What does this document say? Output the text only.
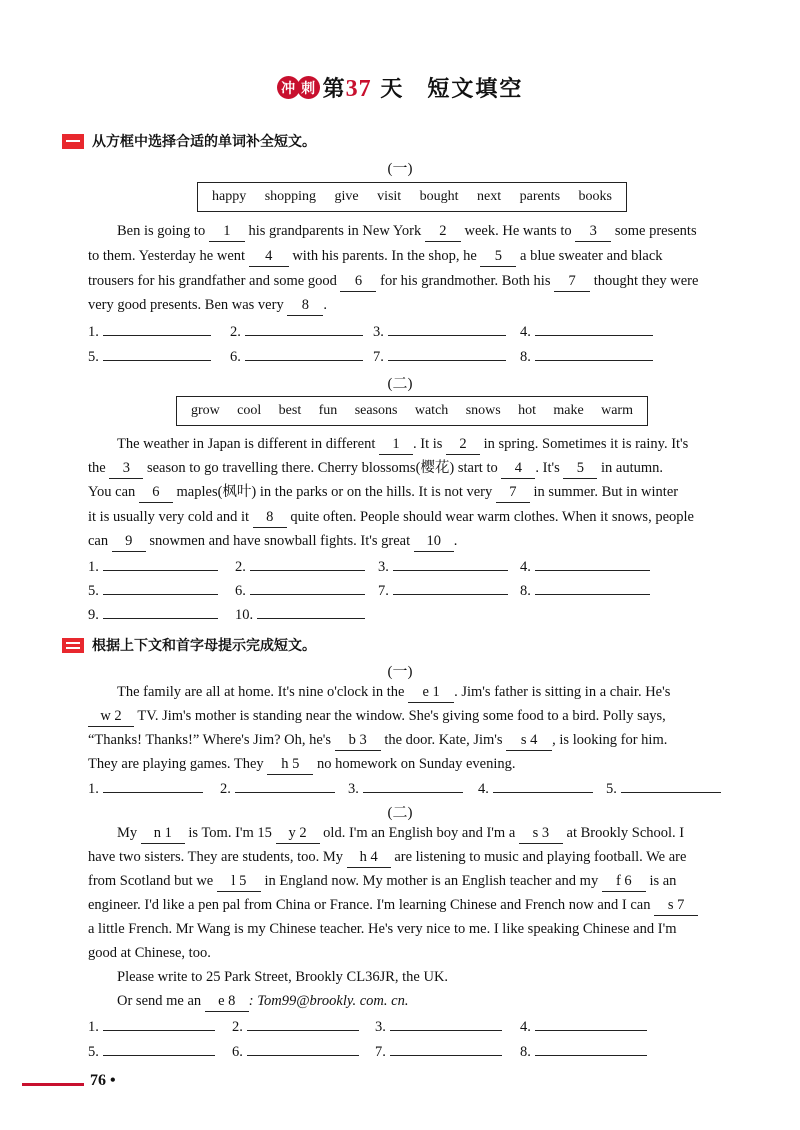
冲 刺 第37 天 短文填空
从方框中选择合适的单词补全短文。
(一)
happy shopping give visit bought next parents books
Ben is going to 1 his grandparents in New York 2 week. He wants to 3 some presents
to them. Yesterday he went 4 with his parents. In the shop, he 5 a blue sweater and black
trousers for his grandfather and some good 6 for his grandmother. Both his 7 thought they were
very good presents. Ben was very 8 .
1.	2.	3.	4.
5.	6.	7.	8.
(二)
grow cool best fun seasons watch snows hot make warm
The weather in Japan is different in different 1 . It is 2 in spring. Sometimes it is rainy. It's
the 3 season to go travelling there. Cherry blossoms(樱花) start to 4 . It's 5 in autumn.
You can 6 maples(枫叶) in the parks or on the hills. It is not very 7 in summer. But in winter
it is usually very cold and it 8 quite often. People should wear warm clothes. When it snows, people
can 9 snowmen and have snowball fights. It's great 10 .
1.	2.	3.	4.
5.	6.	7.	8.
9.	10.
根据上下文和首字母提示完成短文。
(一)
The family are all at home. It's nine o'clock in the e 1 . Jim's father is sitting in a chair. He's
w 2 TV. Jim's mother is standing near the window. She's giving some food to a bird. Polly says,
“Thanks! Thanks!” Where's Jim? Oh, he's b 3 the door. Kate, Jim's s 4 , is looking for him.
They are playing games. They h 5 no homework on Sunday evening.
1.	2.	3.	4.	5.
(二)
My n 1 is Tom. I'm 15 y 2 old. I'm an English boy and I'm a s 3 at Brookly School. I
have two sisters. They are students, too. My h 4 are listening to music and playing football. We are
from Scotland but we l 5 in England now. My mother is an English teacher and my f 6 is an
engineer. I'd like a pen pal from China or France. I'm learning Chinese and French now and I can s 7
a little French. Mr Wang is my Chinese teacher. He's very nice to me. I like speaking Chinese and I'm
good at Chinese, too.
Please write to 25 Park Street, Brookly CL36JR, the UK.
Or send me an e 8 : Tom99@brookly. com. cn.
1.	2.	3.	4.
5.	6.	7.	8.
76 •
